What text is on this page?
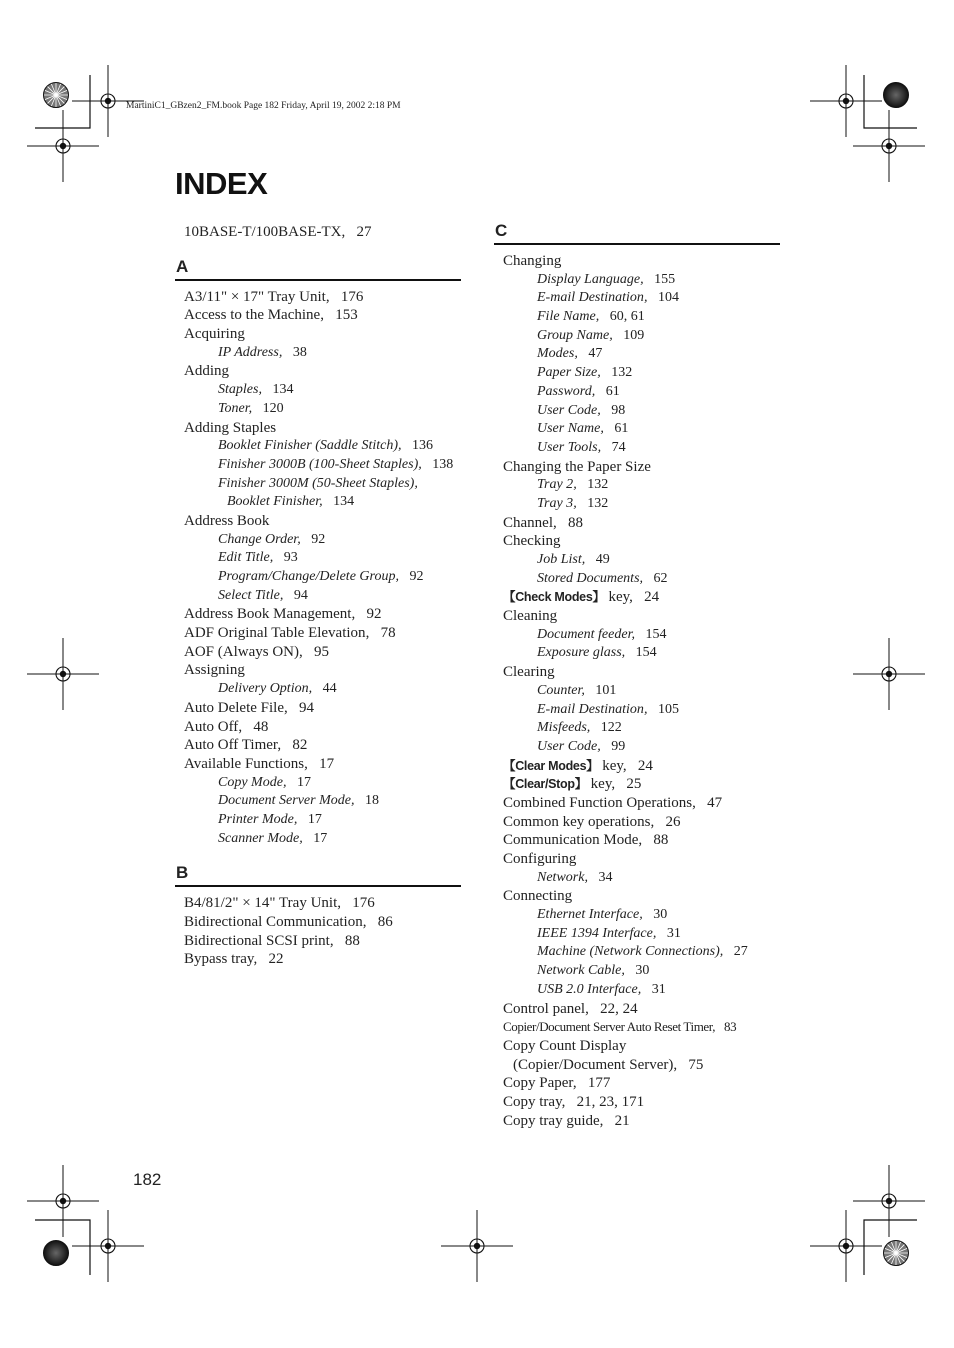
MartiniC1_GBzen2_FM.book Page 182 Friday, April 19, 2002 2:18 PM
INDEX
10BASE-T/100BASE-TX,  27
A
A3/11" × 17" Tray Unit,  176
Access to the Machine,  153
Acquiring
IP Address,  38
Adding
Staples,  134
Toner,  120
Adding Staples
Booklet Finisher (Saddle Stitch),  136
Finisher 3000B (100-Sheet Staples),  138
Finisher 3000M (50-Sheet Staples),
Booklet Finisher,  134
Address Book
Change Order,  92
Edit Title,  93
Program/Change/Delete Group,  92
Select Title,  94
Address Book Management,  92
ADF Original Table Elevation,  78
AOF (Always ON),  95
Assigning
Delivery Option,  44
Auto Delete File,  94
Auto Off,  48
Auto Off Timer,  82
Available Functions,  17
Copy Mode,  17
Document Server Mode,  18
Printer Mode,  17
Scanner Mode,  17
B
B4/81/2" × 14" Tray Unit,  176
Bidirectional Communication,  86
Bidirectional SCSI print,  88
Bypass tray,  22
C
Changing
Display Language,  155
E-mail Destination,  104
File Name,  60, 61
Group Name,  109
Modes,  47
Paper Size,  132
Password,  61
User Code,  98
User Name,  61
User Tools,  74
Changing the Paper Size
Tray 2,  132
Tray 3,  132
Channel,  88
Checking
Job List,  49
Stored Documents,  62
【Check Modes】 key,  24
Cleaning
Document feeder,  154
Exposure glass,  154
Clearing
Counter,  101
E-mail Destination,  105
Misfeeds,  122
User Code,  99
【Clear Modes】 key,  24
【Clear/Stop】 key,  25
Combined Function Operations,  47
Common key operations,  26
Communication Mode,  88
Configuring
Network,  34
Connecting
Ethernet Interface,  30
IEEE 1394 Interface,  31
Machine (Network Connections),  27
Network Cable,  30
USB 2.0 Interface,  31
Control panel,  22, 24
Copier/Document Server Auto Reset Timer,  83
Copy Count Display
(Copier/Document Server),  75
Copy Paper,  177
Copy tray,  21, 23, 171
Copy tray guide,  21
182
